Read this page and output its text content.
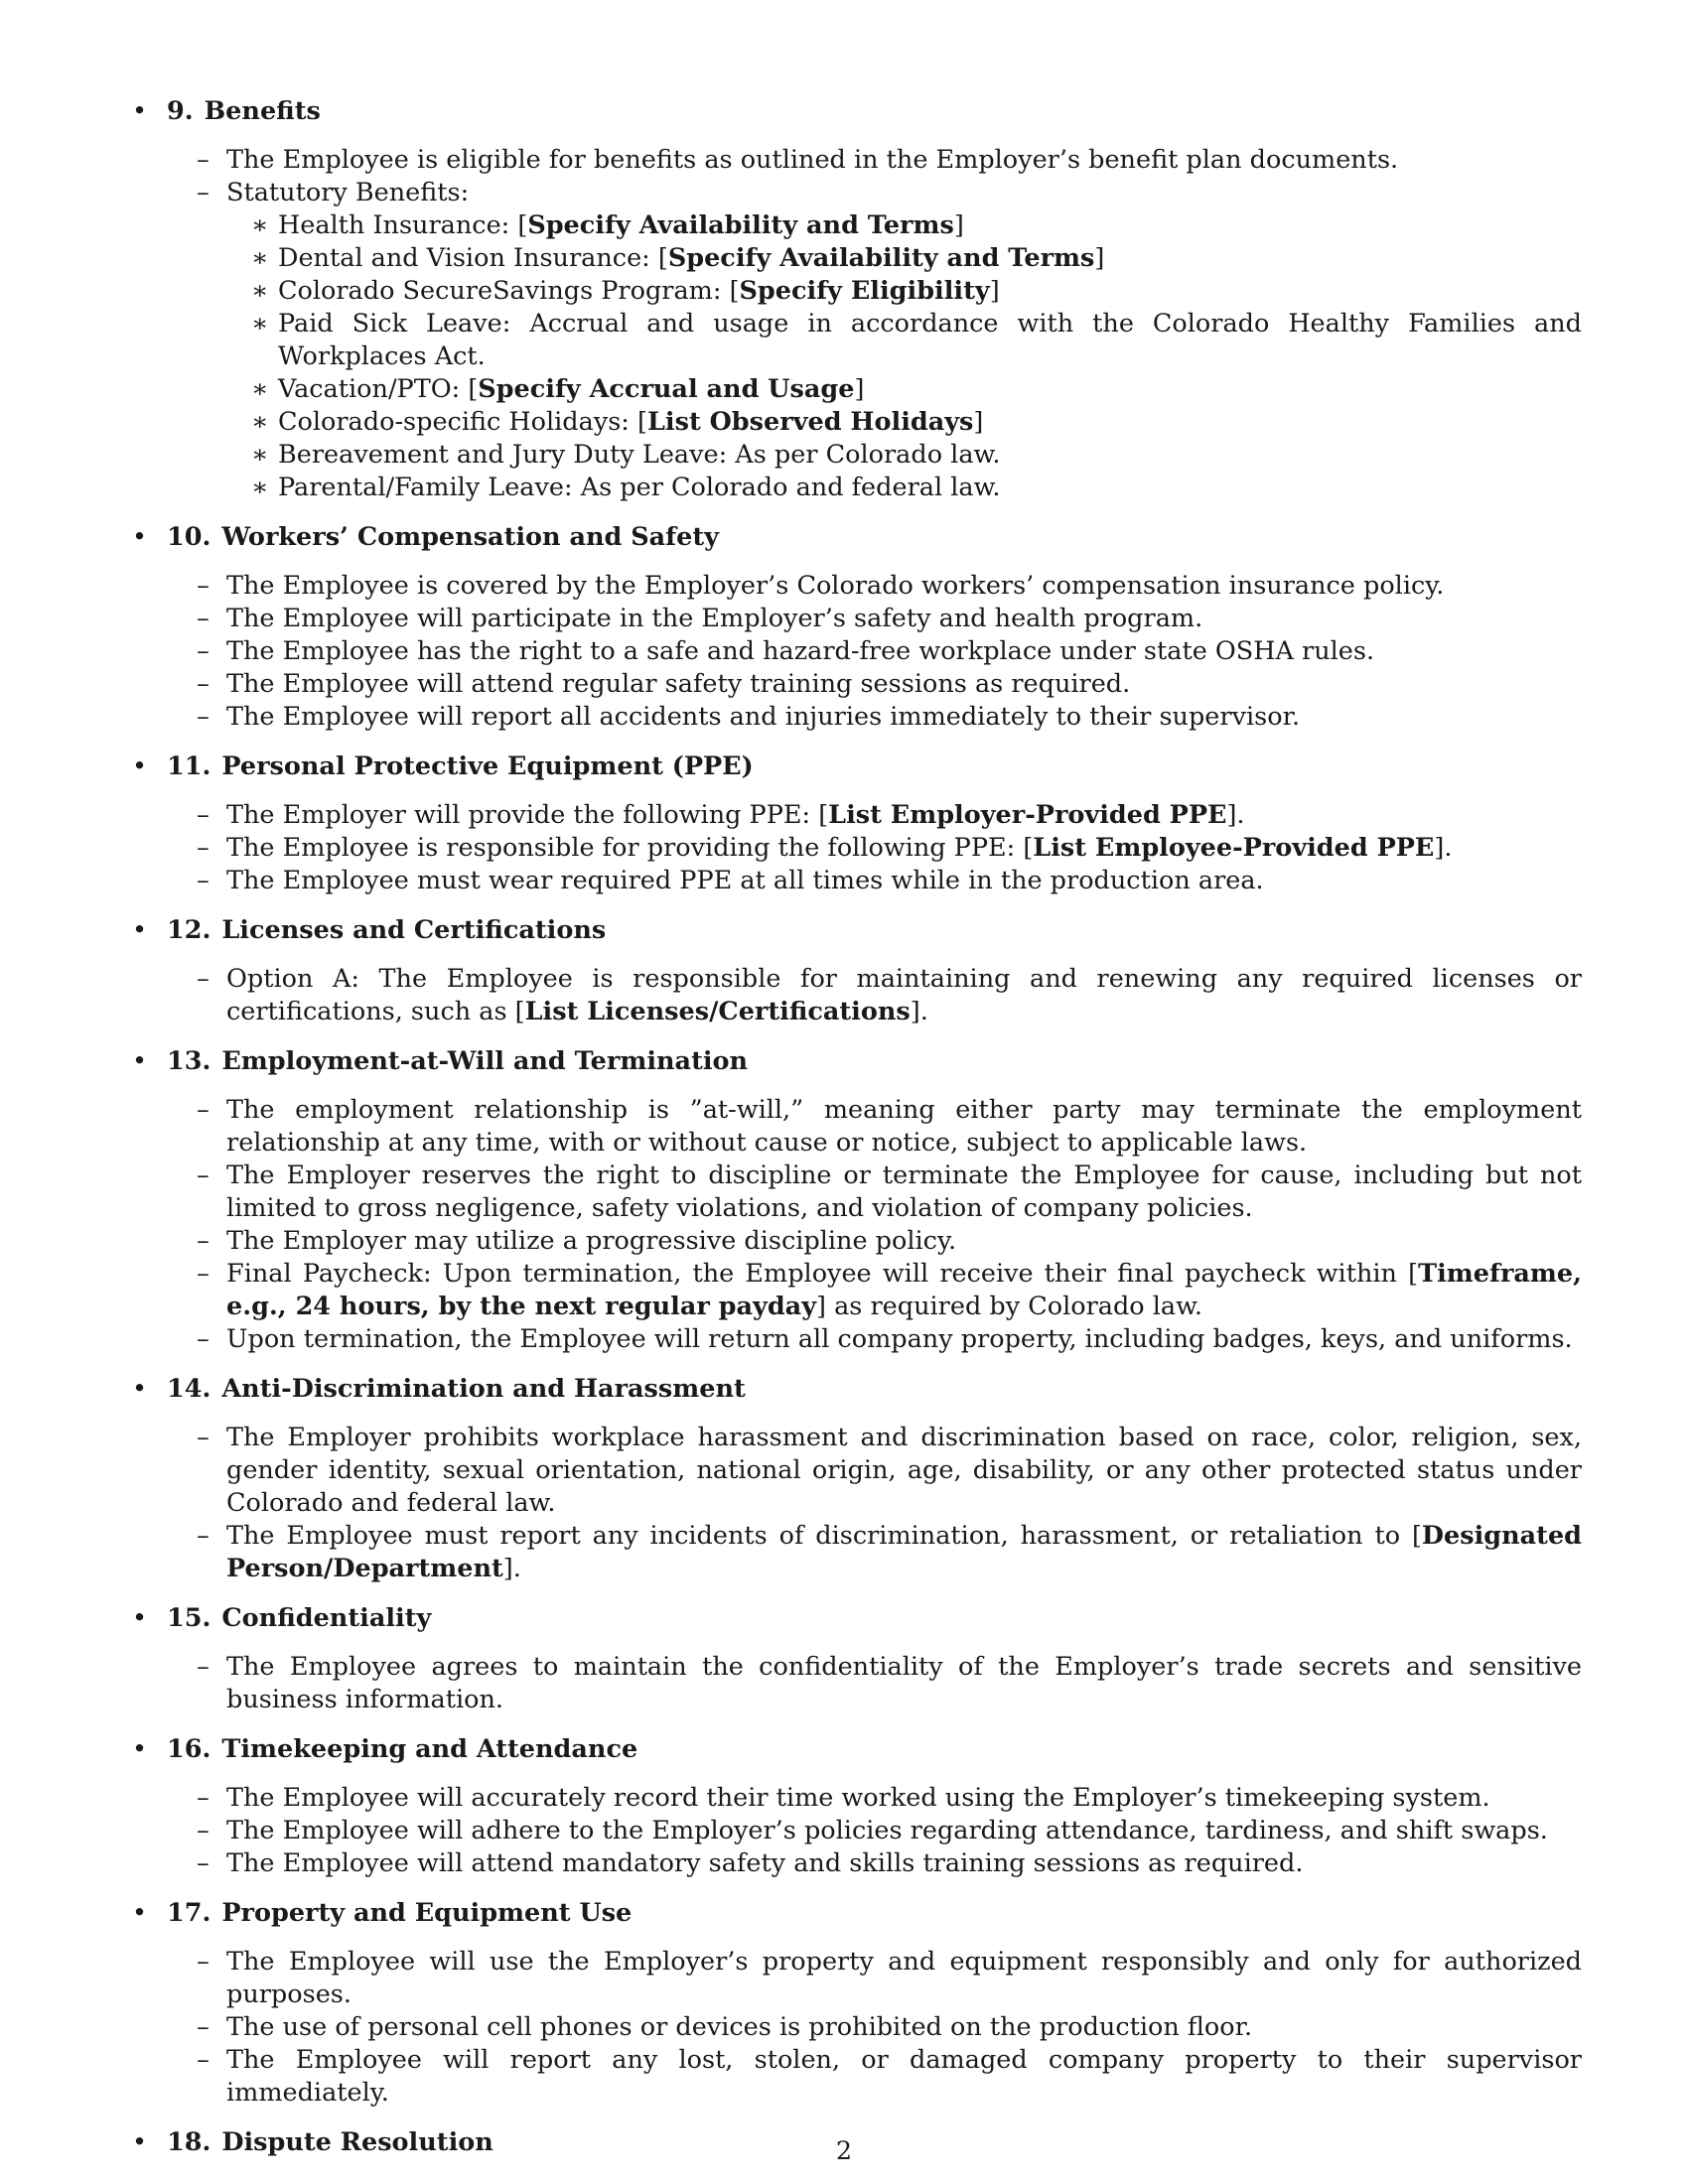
• 9. Benefits
– The Employee is eligible for benefits as outlined in the Employer’s benefit plan documents.
– Statutory Benefits:
∗ Health Insurance: [Specify Availability and Terms]
∗ Dental and Vision Insurance: [Specify Availability and Terms]
∗ Colorado SecureSavings Program: [Specify Eligibility]
∗ Paid Sick Leave: Accrual and usage in accordance with the Colorado Healthy Families and Workplaces Act.
∗ Vacation/PTO: [Specify Accrual and Usage]
∗ Colorado-specific Holidays: [List Observed Holidays]
∗ Bereavement and Jury Duty Leave: As per Colorado law.
∗ Parental/Family Leave: As per Colorado and federal law.
• 10. Workers’ Compensation and Safety
– The Employee is covered by the Employer’s Colorado workers’ compensation insurance policy.
– The Employee will participate in the Employer’s safety and health program.
– The Employee has the right to a safe and hazard-free workplace under state OSHA rules.
– The Employee will attend regular safety training sessions as required.
– The Employee will report all accidents and injuries immediately to their supervisor.
• 11. Personal Protective Equipment (PPE)
– The Employer will provide the following PPE: [List Employer-Provided PPE].
– The Employee is responsible for providing the following PPE: [List Employee-Provided PPE].
– The Employee must wear required PPE at all times while in the production area.
• 12. Licenses and Certifications
– Option A: The Employee is responsible for maintaining and renewing any required licenses or certifications, such as [List Licenses/Certifications].
• 13. Employment-at-Will and Termination
– The employment relationship is ”at-will,” meaning either party may terminate the employment relationship at any time, with or without cause or notice, subject to applicable laws.
– The Employer reserves the right to discipline or terminate the Employee for cause, including but not limited to gross negligence, safety violations, and violation of company policies.
– The Employer may utilize a progressive discipline policy.
– Final Paycheck: Upon termination, the Employee will receive their final paycheck within [Timeframe, e.g., 24 hours, by the next regular payday] as required by Colorado law.
– Upon termination, the Employee will return all company property, including badges, keys, and uniforms.
• 14. Anti-Discrimination and Harassment
– The Employer prohibits workplace harassment and discrimination based on race, color, religion, sex, gender identity, sexual orientation, national origin, age, disability, or any other protected status under Colorado and federal law.
– The Employee must report any incidents of discrimination, harassment, or retaliation to [Designated Person/Department].
• 15. Confidentiality
– The Employee agrees to maintain the confidentiality of the Employer’s trade secrets and sensitive business information.
• 16. Timekeeping and Attendance
– The Employee will accurately record their time worked using the Employer’s timekeeping system.
– The Employee will adhere to the Employer’s policies regarding attendance, tardiness, and shift swaps.
– The Employee will attend mandatory safety and skills training sessions as required.
• 17. Property and Equipment Use
– The Employee will use the Employer’s property and equipment responsibly and only for authorized purposes.
– The use of personal cell phones or devices is prohibited on the production floor.
– The Employee will report any lost, stolen, or damaged company property to their supervisor immediately.
• 18. Dispute Resolution	2
